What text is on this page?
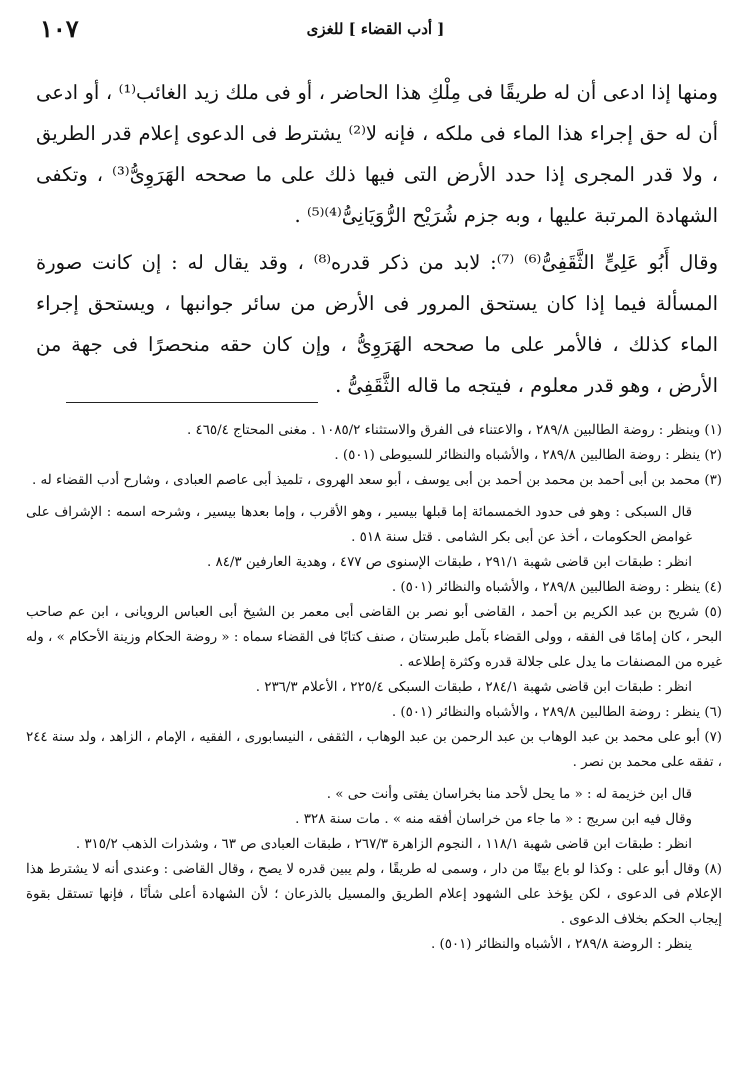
[ أدب القضاء ] للغزى
١٠٧

ومنها إذا ادعى أن له طريقًا فى مِلْكِ هذا الحاضر ، أو فى ملك زيد الغائب⁽¹⁾ ، أو ادعى أن له حق إجراء هذا الماء فى ملكه ، فإنه لا⁽²⁾ يشترط فى الدعوى إعلام قدر الطريق ، ولا قدر المجرى إذا حدد الأرض التى فيها ذلك على ما صححه الهَرَوِىُّ⁽³⁾ ، وتكفى الشهادة المرتبة عليها ، وبه جزم شُرَيْح الرُّوَيَانِىُّ⁽⁴⁾⁽⁵⁾ .

وقال أَبُو عَلِىٍّ الثَّقَفِىُّ⁽⁶⁾ ⁽⁷⁾: لابد من ذكر قدره⁽⁸⁾ ، وقد يقال له : إن كانت صورة المسألة فيما إذا كان يستحق المرور فى الأرض من سائر جوانبها ، ويستحق إجراء الماء كذلك ، فالأمر على ما صححه الهَرَوِىُّ ، وإن كان حقه منحصرًا فى جهة من الأرض ، وهو قدر معلوم ، فيتجه ما قاله الثَّقَفِىُّ .

(١) وينظر : روضة الطالبين ٢٨٩/٨ ، والاعتناء فى الفرق والاستثناء ١٠٨٥/٢ . مغنى المحتاج ٤٦٥/٤ .

(٢) ينظر : روضة الطالبين ٢٨٩/٨ ، والأشباه والنظائر للسيوطى (٥٠١) .

(٣) محمد بن أبى أحمد بن محمد بن أحمد بن أبى يوسف ، أبو سعد الهروى ، تلميذ أبى عاصم العبادى ، وشارح أدب القضاء له .

قال السبكى : وهو فى حدود الخمسمائة إما قبلها بيسير ، وهو الأقرب ، وإما بعدها بيسير ، وشرحه اسمه : الإشراف على غوامض الحكومات ، أخذ عن أبى بكر الشامى . قتل سنة ٥١٨ .

انظر : طبقات ابن قاضى شهبة ٢٩١/١ ، طبقات الإسنوى ص ٤٧٧ ، وهدية العارفين ٨٤/٣ .

(٤) ينظر : روضة الطالبين ٢٨٩/٨ ، والأشباه والنظائر (٥٠١) .

(٥) شريح بن عبد الكريم بن أحمد ، القاضى أبو نصر بن القاضى أبى معمر بن الشيخ أبى العباس الرويانى ، ابن عم صاحب البحر ، كان إمامًا فى الفقه ، وولى القضاء بآمل طبرستان ، صنف كتابًا فى القضاء سماه : « روضة الحكام وزينة الأحكام » ، وله غيره من المصنفات ما يدل على جلالة قدره وكثرة إطلاعه .

انظر : طبقات ابن قاضى شهبة ٢٨٤/١ ، طبقات السبكى ٢٢٥/٤ ، الأعلام ٢٣٦/٣ .

(٦) ينظر : روضة الطالبين ٢٨٩/٨ ، والأشباه والنظائر (٥٠١) .

(٧) أبو على محمد بن عبد الوهاب بن عبد الرحمن بن عبد الوهاب ، الثقفى ، النيسابورى ، الفقيه ، الإمام ، الزاهد ، ولد سنة ٢٤٤ ، تفقه على محمد بن نصر .

قال ابن خزيمة له : « ما يحل لأحد منا بخراسان يفتى وأنت حى » .

وقال فيه ابن سريج : « ما جاء من خراسان أفقه منه » . مات سنة ٣٢٨ .

انظر : طبقات ابن قاضى شهبة ١١٨/١ ، النجوم الزاهرة ٢٦٧/٣ ، طبقات العبادى ص ٦٣ ، وشذرات الذهب ٣١٥/٢ .

(٨) وقال أبو على : وكذا لو باع بيتًا من دار ، وسمى له طريقًا ، ولم يبين قدره لا يصح ، وقال القاضى : وعندى أنه لا يشترط هذا الإعلام فى الدعوى ، لكن يؤخذ على الشهود إعلام الطريق والمسيل بالذرعان ؛ لأن الشهادة أعلى شأنًا ، فإنها تستقل بقوة إيجاب الحكم بخلاف الدعوى .

ينظر : الروضة ٢٨٩/٨ ، الأشباه والنظائر (٥٠١) .
